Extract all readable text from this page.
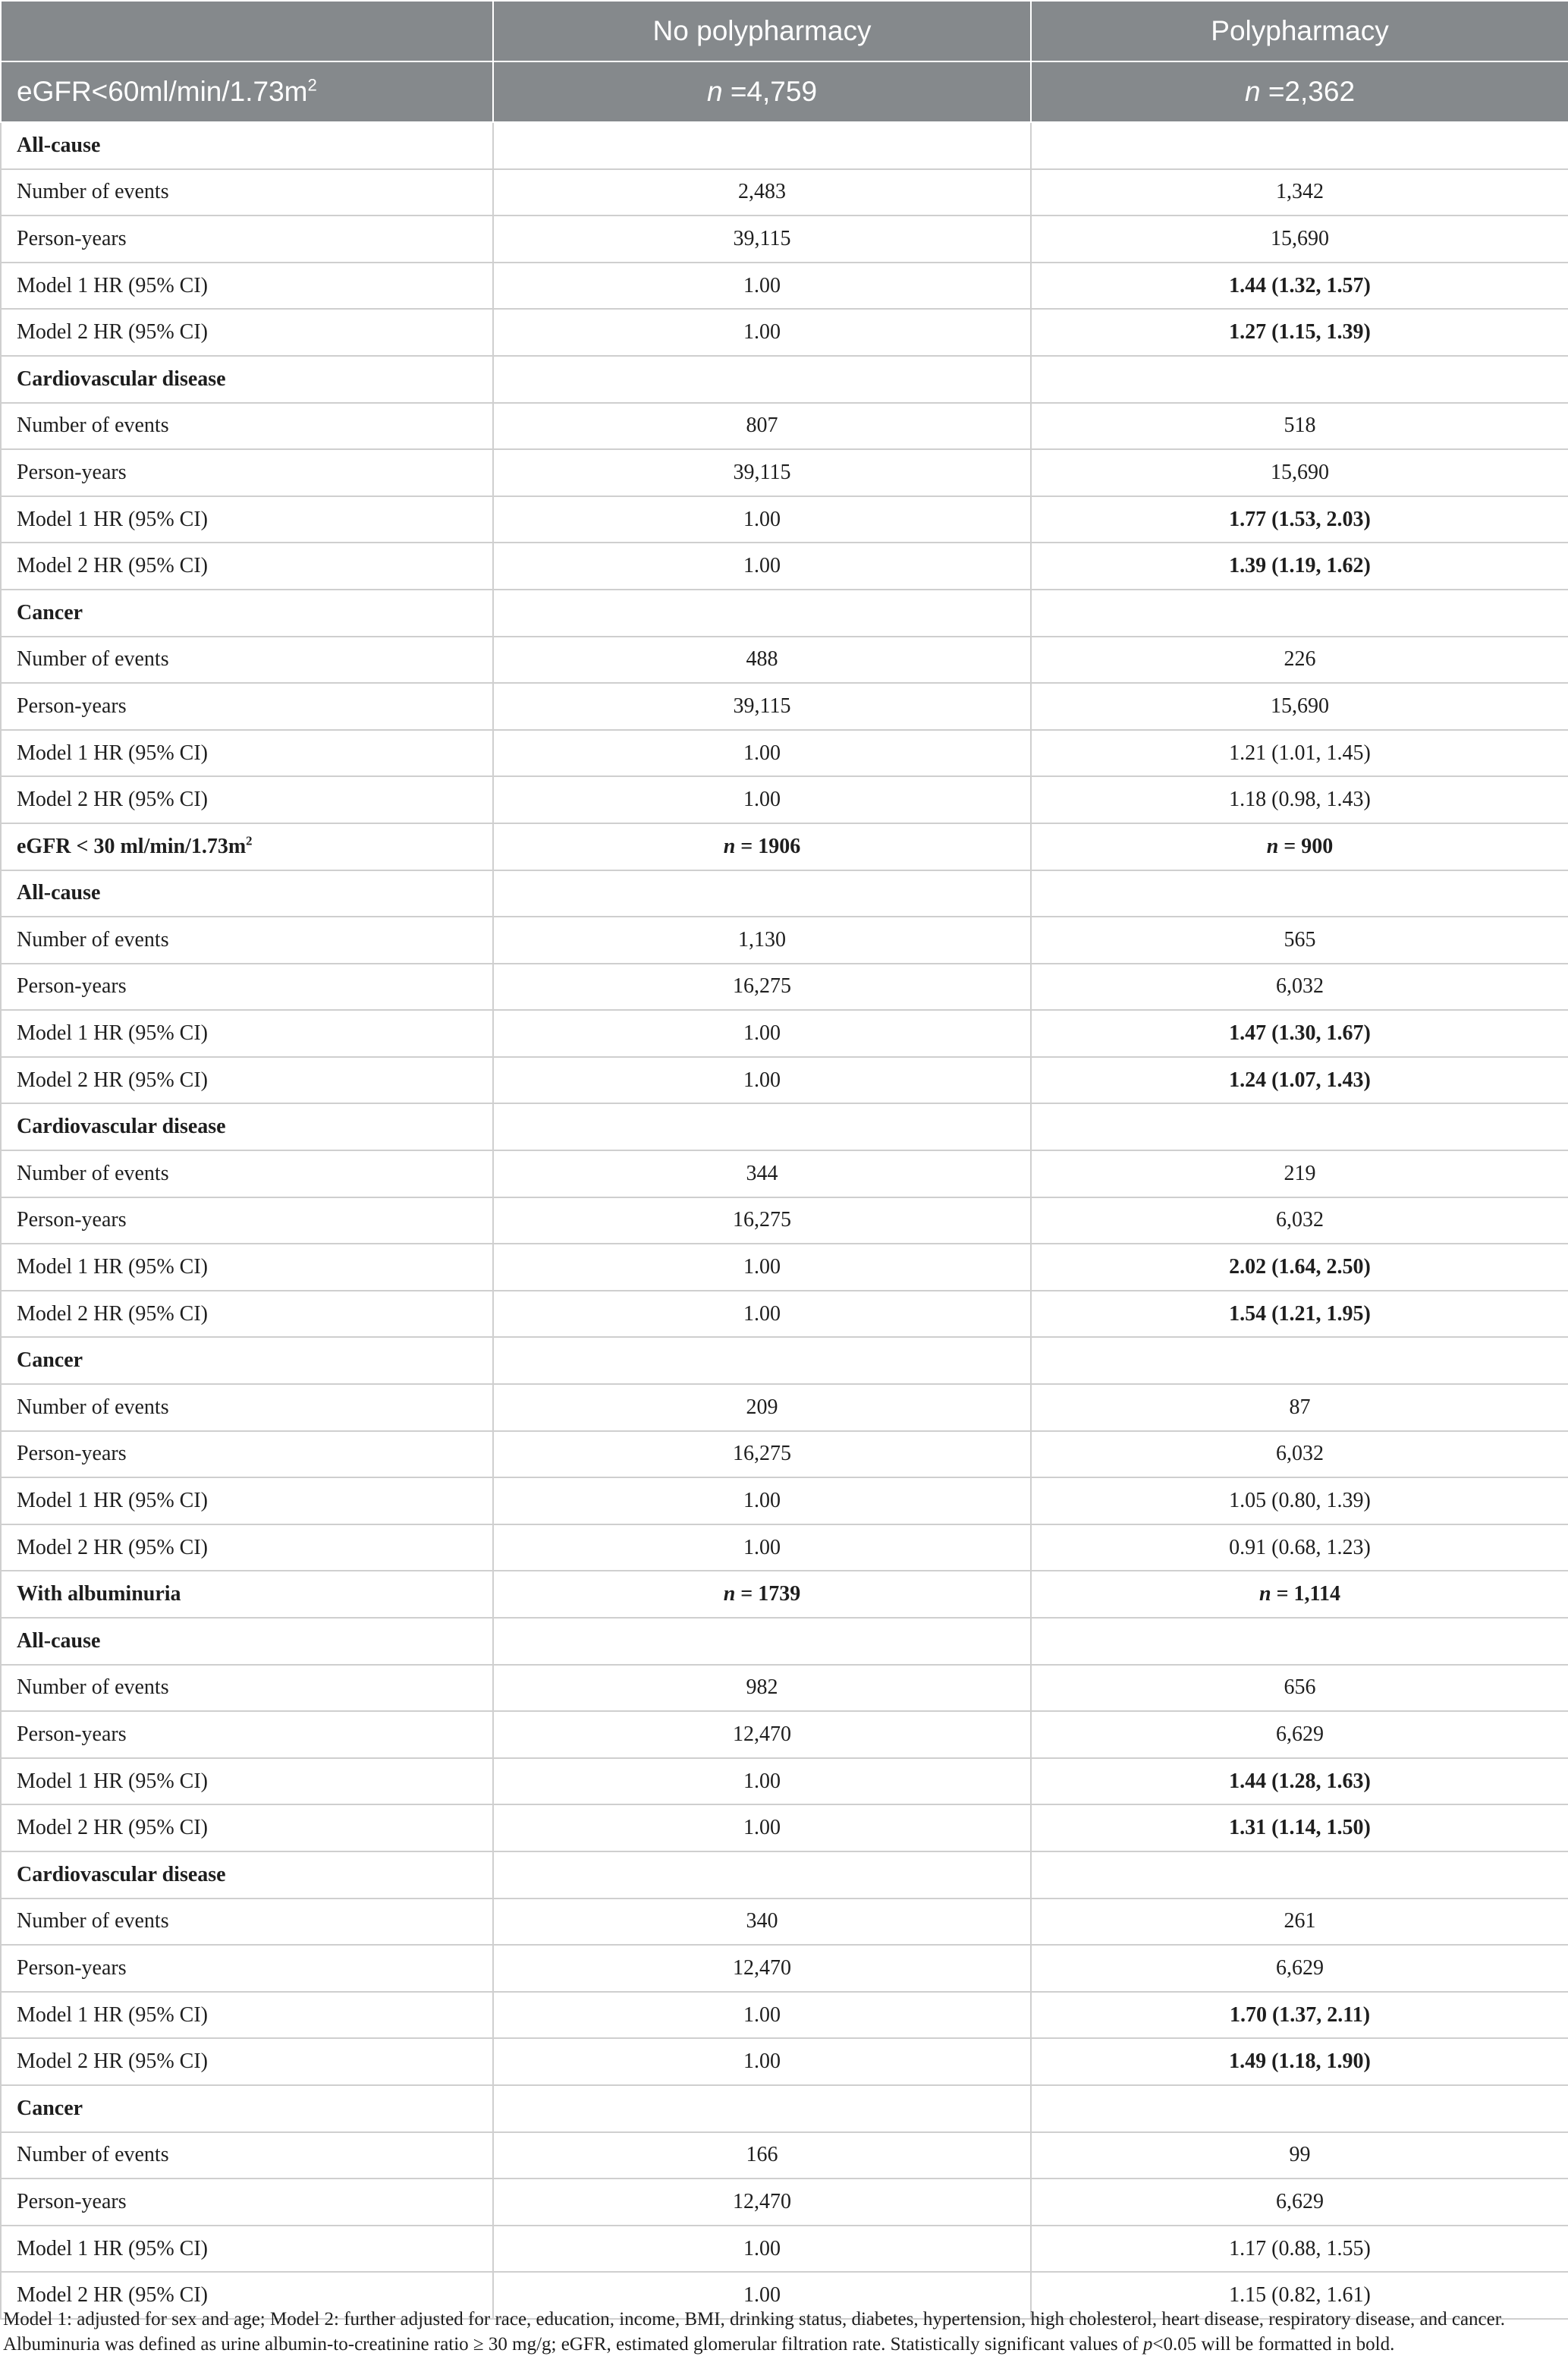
	No polypharmacy	Polypharmacy
$eGFR<60ml/\min/1.73m^2$	n =4,759	n =2,362
All-cause		
Number of events	2,483	1,342
Person-years	39,115	15,690
Model 1 HR (95% CI)	1.00	1.44 (1.32, 1.57)
Model 2 HR (95% CI)	1.00	1.27 (1.15, 1.39)
Cardiovascular disease		
Number of events	807	518
Person-years	39,115	15,690
Model 1 HR (95% CI)	1.00	1.77 (1.53, 2.03)
Model 2 HR (95% CI)	1.00	1.39 (1.19, 1.62)
Cancer		
Number of events	488	226
Person-years	39,115	15,690
Model 1 HR (95% CI)	1.00	1.21 (1.01, 1.45)
Model 2 HR (95% CI)	1.00	1.18 (0.98, 1.43)
eGFR < 30 $ml/\min/1.73m^2$	n = 1906	n = 900
All-cause		
Number of events	1,130	565
Person-years	16,275	6,032
Model 1 HR (95% CI)	1.00	1.47 (1.30, 1.67)
Model 2 HR (95% CI)	1.00	1.24 (1.07, 1.43)
Cardiovascular disease		
Number of events	344	219
Person-years	16,275	6,032
Model 1 HR (95% CI)	1.00	2.02 (1.64, 2.50)
Model 2 HR (95% CI)	1.00	1.54 (1.21, 1.95)
Cancer		
Number of events	209	87
Person-years	16,275	6,032
Model 1 HR (95% CI)	1.00	1.05 (0.80, 1.39)
Model 2 HR (95% CI)	1.00	0.91 (0.68, 1.23)
With albuminuria	n = 1739	n = 1,114
All-cause		
Number of events	982	656
Person-years	12,470	6,629
Model 1 HR (95% CI)	1.00	1.44 (1.28, 1.63)
Model 2 HR (95% CI)	1.00	1.31 (1.14, 1.50)
Cardiovascular disease		
Number of events	340	261
Person-years	12,470	6,629
Model 1 HR (95% CI)	1.00	1.70 (1.37, 2.11)
Model 2 HR (95% CI)	1.00	1.49 (1.18, 1.90)
Cancer		
Number of events	166	99
Person-years	12,470	6,629
Model 1 HR (95% CI)	1.00	1.17 (0.88, 1.55)
Model 2 HR (95% CI)	1.00	1.15 (0.82, 1.61)
Model 1: adjusted for sex and age; Model 2: further adjusted for race, education, income, BMI, drinking status, diabetes, hypertension, high cholesterol, heart disease, respiratory disease, and cancer. Albuminuria was defined as urine albumin-to-creatinine ratio ≥ 30 mg/g; eGFR, estimated glomerular filtration rate. Statistically significant values of p<0.05 will be formatted in bold.
